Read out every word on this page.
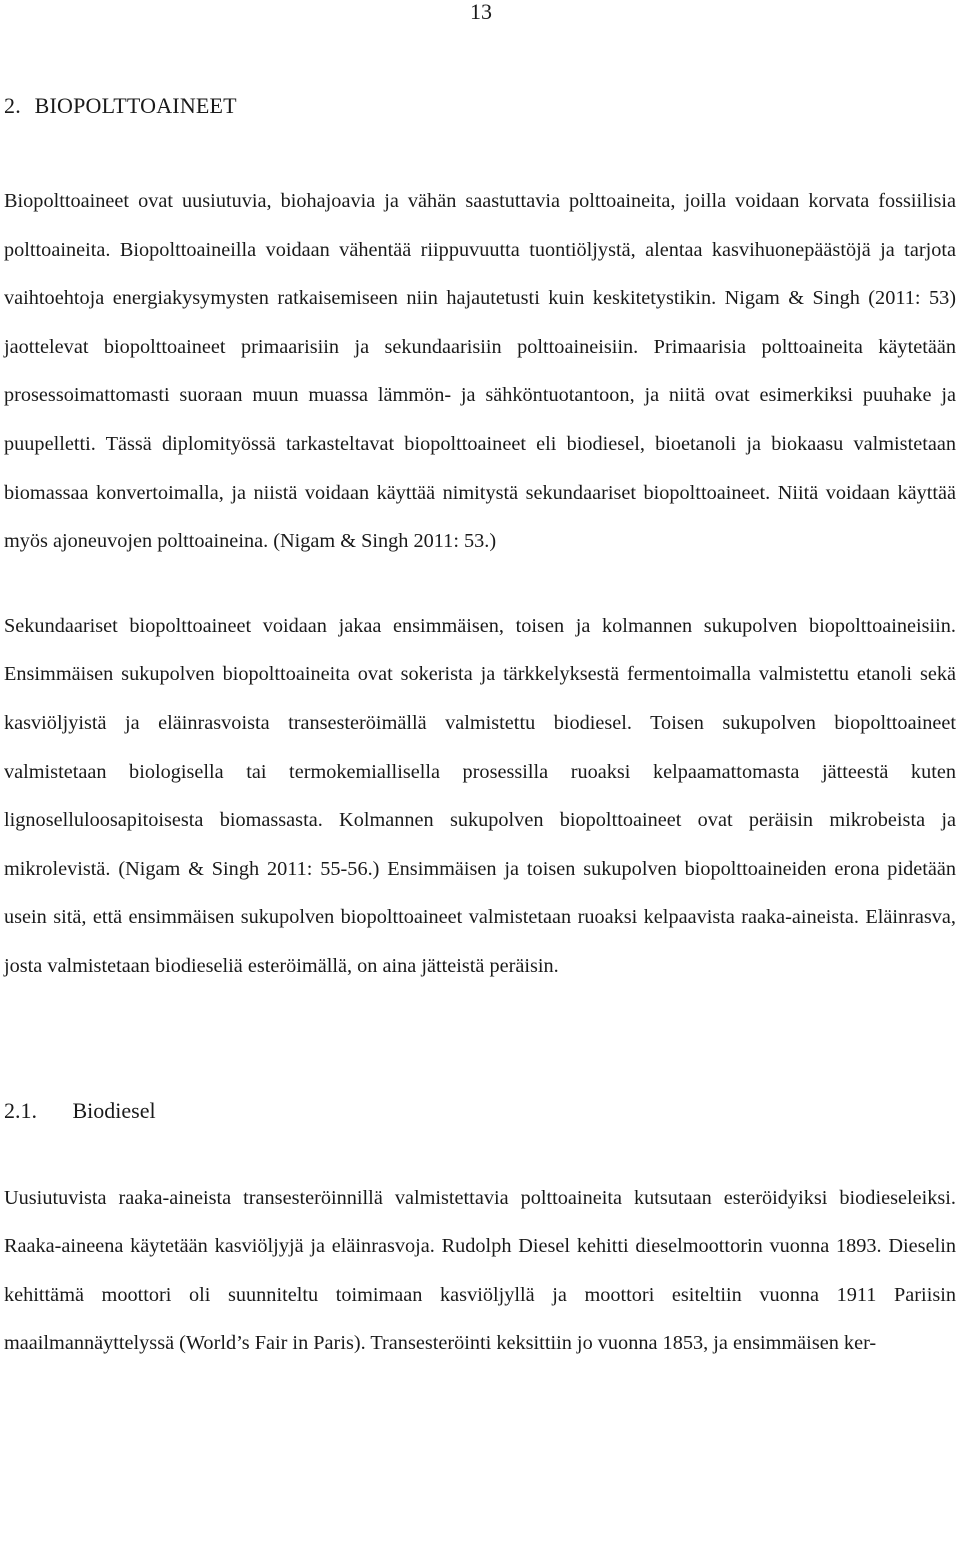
13
2. BIOPOLTTOAINEET

Biopolttoaineet ovat uusiutuvia, biohajoavia ja vähän saastuttavia polttoaineita, joilla voidaan korvata fossiilisia polttoaineita. Biopolttoaineilla voidaan vähentää riippuvuutta tuontiöljystä, alentaa kasvihuonepäästöjä ja tarjota vaihtoehtoja energiakysymysten ratkaisemiseen niin hajautetusti kuin keskitetystikin. Nigam & Singh (2011: 53) jaottelevat biopolttoaineet primaarisiin ja sekundaarisiin polttoaineisiin. Primaarisia polttoaineita käytetään prosessoimattomasti suoraan muun muassa lämmön- ja sähköntuotantoon, ja niitä ovat esimerkiksi puuhake ja puupelletti. Tässä diplomityössä tarkasteltavat biopolttoaineet eli biodiesel, bioetanoli ja biokaasu valmistetaan biomassaa konvertoimalla, ja niistä voidaan käyttää nimitystä sekundaariset biopolttoaineet. Niitä voidaan käyttää myös ajoneuvojen polttoaineina. (Nigam & Singh 2011: 53.)

Sekundaariset biopolttoaineet voidaan jakaa ensimmäisen, toisen ja kolmannen sukupolven biopolttoaineisiin. Ensimmäisen sukupolven biopolttoaineita ovat sokerista ja tärkkelyksestä fermentoimalla valmistettu etanoli sekä kasviöljyistä ja eläinrasvoista transesteröimällä valmistettu biodiesel. Toisen sukupolven biopolttoaineet valmistetaan biologisella tai termokemiallisella prosessilla ruoaksi kelpaamattomasta jätteestä kuten lignoselluloosapitoisesta biomassasta. Kolmannen sukupolven biopolttoaineet ovat peräisin mikrobeista ja mikrolevistä. (Nigam & Singh 2011: 55-56.) Ensimmäisen ja toisen sukupolven biopolttoaineiden erona pidetään usein sitä, että ensimmäisen sukupolven biopolttoaineet valmistetaan ruoaksi kelpaavista raaka-aineista. Eläinrasva, josta valmistetaan biodieseliä esteröimällä, on aina jätteistä peräisin.

2.1. Biodiesel

Uusiutuvista raaka-aineista transesteröinnillä valmistettavia polttoaineita kutsutaan esteröidyiksi biodieseleiksi. Raaka-aineena käytetään kasviöljyjä ja eläinrasvoja. Rudolph Diesel kehitti dieselmoottorin vuonna 1893. Dieselin kehittämä moottori oli suunniteltu toimimaan kasviöljyllä ja moottori esiteltiin vuonna 1911 Pariisin maailmannäyttelyssä (World’s Fair in Paris). Transesteröinti keksittiin jo vuonna 1853, ja ensimmäisen ker-
